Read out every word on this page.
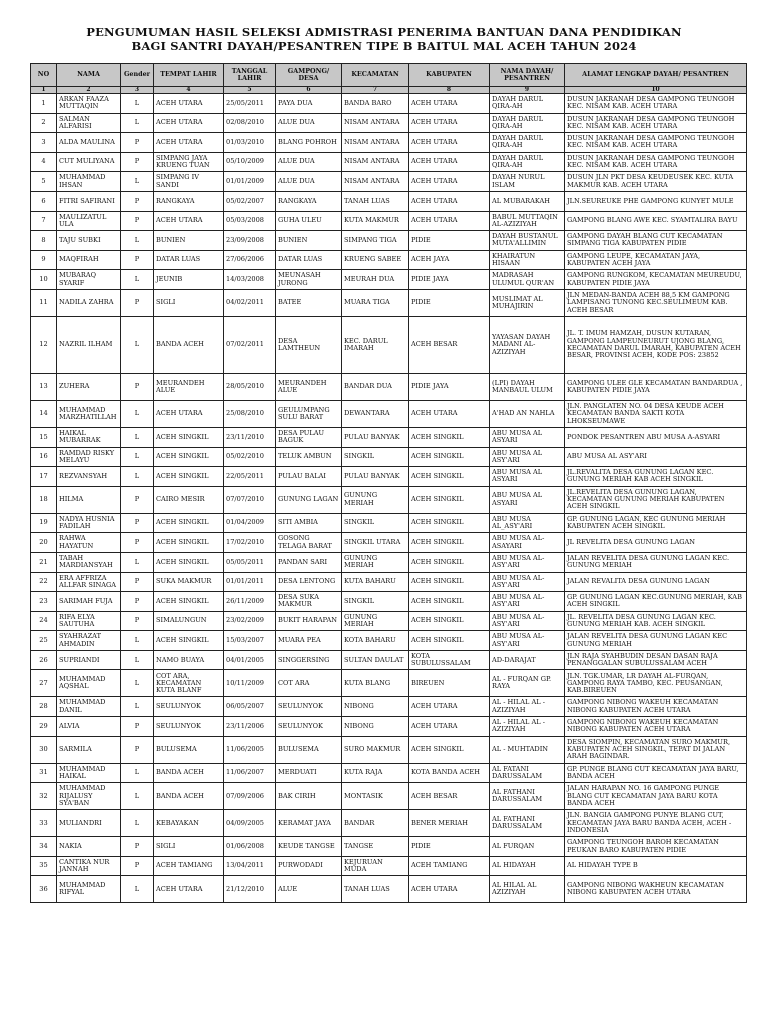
PENGUMUMAN HASIL SELEKSI ADMISTRASI PENERIMA BANTUAN DANA PENDIDIKAN
BAGI SANTRI DAYAH/PESANTREN TIPE B BAITUL MAL ACEH TAHUN 2024
NO	NAMA	Gender	TEMPAT LAHIR	TANGGAL LAHIR	GAMPONG/ DESA	KECAMATAN	KABUPATEN	NAMA DAYAH/ PESANTREN	ALAMAT LENGKAP DAYAH/ PESANTREN
1	2	3	4	5	6	7	8	9	10
1	ARKAN FAAZA MUTTAQIN	L	ACEH UTARA	25/05/2011	PAYA DUA	BANDA BARO	ACEH UTARA	DAYAH DARUL QIRA-AH	DUSUN JAKRANAH DESA GAMPONG TEUNGOH KEC. NISAM KAB. ACEH UTARA
2	SALMAN ALFARISI	L	ACEH UTARA	02/08/2010	ALUE DUA	NISAM ANTARA	ACEH UTARA	DAYAH DARUL QIRA-AH	DUSUN JAKRANAH DESA GAMPONG TEUNGOH KEC. NISAM KAB. ACEH UTARA
3	ALDA MAULINA	P	ACEH UTARA	01/03/2010	BLANG POHROH	NISAM ANTARA	ACEH UTARA	DAYAH DARUL QIRA-AH	DUSUN JAKRANAH DESA GAMPONG TEUNGOH KEC. NISAM KAB. ACEH UTARA
4	CUT MULIYANA	P	SIMPANG JAYA KRUENG TUAN	05/10/2009	ALUE DUA	NISAM ANTARA	ACEH UTARA	DAYAH DARUL QIRA-AH	DUSUN JAKRANAH DESA GAMPONG TEUNGOH KEC. NISAM KAB. ACEH UTARA
5	MUHAMMAD IHSAN	L	SIMPANG IV SANDI	01/01/2009	ALUE DUA	NISAM ANTARA	ACEH UTARA	DAYAH NURUL ISLAM	DUSUN JLN PKT DESA KEUDEUSEK KEC. KUTA MAKMUR KAB. ACEH UTARA
6	FITRI SAFIRANI	P	RANGKAYA	05/02/2007	RANGKAYA	TANAH LUAS	ACEH UTARA	AL MUBARAKAH	JLN.SEUREUKE PHE GAMPONG KUNYET MULE
7	MAULIZATUL ULA	P	ACEH UTARA	05/03/2008	GUHA ULEU	KUTA MAKMUR	ACEH UTARA	BABUL MUTTAQIN AL-AZIZIYAH	GAMPONG BLANG AWE KEC. SYAMTALIRA BAYU
8	TAJU SUBKI	L	BUNIEN	23/09/2008	BUNIEN	SIMPANG TIGA	PIDIE	DAYAH BUSTANUL MUTA'ALLIMIN	GAMPONG DAYAH BLANG CUT KECAMATAN SIMPANG TIGA KABUPATEN PIDIE
9	MAQFIRAH	P	DATAR LUAS	27/06/2006	DATAR LUAS	KRUENG SABEE	ACEH JAYA	KHAIRATUN HISAAN	GAMPONG LEUPE, KECAMATAN JAYA, KABUPATEN ACEH JAYA
10	MUBARAQ SYARIF	L	JEUNIB	14/03/2008	MEUNASAH JURONG	MEURAH DUA	PIDIE JAYA	MADRASAH ULUMUL QUR'AN	GAMPONG RUNGKOM, KECAMATAN MEUREUDU, KABUPATEN PIDIE JAYA
11	NADILA ZAHRA	P	SIGLI	04/02/2011	BATEE	MUARA TIGA	PIDIE	MUSLIMAT AL MUHAJIRIN	JLN MEDAN-BANDA ACEH 88,5 KM GAMPONG LAMPISANG TUNONG KEC.SEULIMEUM KAB. ACEH BESAR
12	NAZRIL ILHAM	L	BANDA ACEH	07/02/2011	DESA LAMTHEUN	KEC. DARUL IMARAH	ACEH BESAR	YAYASAN DAYAH MADANI AL-AZIZIYAH	JL. T. IMUM HAMZAH, DUSUN KUTARAN, GAMPONG LAMPEUNEURUT UJONG BLANG, KECAMATAN DARUL IMARAH, KABUPATEN ACEH BESAR, PROVINSI ACEH, KODE POS: 23852
13	ZUHERA	P	MEURANDEH ALUE	28/05/2010	MEURANDEH ALUE	BANDAR DUA	PIDIE JAYA	(LPI) DAYAH MANBAUL ULUM	GAMPONG ULEE GLE KECAMATAN BANDARDUA , KABUPATEN PIDIE JAYA
14	MUHAMMAD MARZHATILLAH	L	ACEH UTARA	25/08/2010	GEULUMPANG SULU BARAT	DEWANTARA	ACEH UTARA	A'HAD AN NAHLA	JLN. PANGLATEN NO. 04 DESA KEUDE ACEH KECAMATAN BANDA SAKTI KOTA LHOKSEUMAWE
15	HAIKAL MUBARRAK	L	ACEH SINGKIL	23/11/2010	DESA PULAU BAGUK	PULAU BANYAK	ACEH SINGKIL	ABU MUSA AL ASYARI	PONDOK PESANTREN ABU MUSA A-ASYARI
16	RAMDAD RISKY MELAYU	L	ACEH SINGKIL	05/02/2010	TELUK AMBUN	SINGKIL	ACEH SINGKIL	ABU MUSA AL ASY'ARI	ABU MUSA AL ASY'ARI
17	REZVANSYAH	L	ACEH SINGKIL	22/05/2011	PULAU BALAI	PULAU BANYAK	ACEH SINGKIL	ABU MUSA AL ASYARI	JL.REVALITA DESA GUNUNG LAGAN KEC. GUNUNG MERIAH KAB ACEH SINGKIL
18	HILMA	P	CAIRO MESIR	07/07/2010	GUNUNG LAGAN	GUNUNG MERIAH	ACEH SINGKIL	ABU MUSA AL ASYARI	JL.REVELITA DESA GUNUNG LAGAN, KECAMATAN GUNUNG MERIAH KABUPATEN ACEH SINGKIL
19	NADYA HUSNIA FADILAH	P	ACEH SINGKIL	01/04/2009	SITI AMBIA	SINGKIL	ACEH SINGKIL	ABU MUSA AL_ASY'ARI	GP. GUNUNG LAGAN, KEC GUNUNG MERIAH KABUPATEN ACEH SINGKIL
20	RAHWA HAYATUN	P	ACEH SINGKIL	17/02/2010	GOSONG TELAGA BARAT	SINGKIL UTARA	ACEH SINGKIL	ABU MUSA AL-ASAYARI	JL REVELITA DESA GUNUNG LAGAN
21	TABAH MARDIANSYAH	L	ACEH SINGKIL	05/05/2011	PANDAN SARI	GUNUNG MERIAH	ACEH SINGKIL	ABU MUSA AL-ASY'ARI	JALAN REVELITA DESA GUNUNG LAGAN KEC. GUNUNG MERIAH
22	ERA AFFRIZA ALLFAR SINAGA	P	SUKA MAKMUR	01/01/2011	DESA LENTONG	KUTA BAHARU	ACEH SINGKIL	ABU MUSA AL-ASY'ARI	JALAN REVALITA DESA GUNUNG LAGAN
23	SARIMAH FUJA	P	ACEH SINGKIL	26/11/2009	DESA SUKA MAKMUR	SINGKIL	ACEH SINGKIL	ABU MUSA AL-ASY'ARI	GP. GUNUNG LAGAN KEC.GUNUNG MERIAH, KAB ACEH SINGKIL
24	RIFA ELYA SAUTUHA	P	SIMALUNGUN	23/02/2009	BUKIT HARAPAN	GUNUNG MERIAH	ACEH SINGKIL	ABU MUSA AL-ASY'ARI	JL. REVELITA DESA GUNUNG LAGAN KEC. GUNUNG MERIAH KAB. ACEH SINGKIL
25	SYAHRAZAT AHMADIN	L	ACEH SINGKIL	15/03/2007	MUARA PEA	KOTA BAHARU	ACEH SINGKIL	ABU MUSA AL-ASY'ARI	JALAN REVELITA DESA GUNUNG LAGAN KEC GUNUNG MERIAH
26	SUPRIANDI	L	NAMO BUAYA	04/01/2005	SINGGERSING	SULTAN DAULAT	KOTA SUBULUSSALAM	AD-DARAJAT	JLN RAJA SYAHBUDIN DESAN DASAN RAJA PENANGGALAN SUBULUSSALAM ACEH
27	MUHAMMAD AQSHAL	L	COT ARA, KECAMATAN KUTA BLANF	10/11/2009	COT ARA	KUTA BLANG	BIREUEN	AL - FURQAN GP. RAYA	JLN. TGK.UMAR, LR DAYAH AL-FURQAN, GAMPONG RAYA TAMBO, KEC. PEUSANGAN, KAB.BIREUEN
28	MUHAMMAD DANIL	L	SEULUNYOK	06/05/2007	SEULUNYOK	NIBONG	ACEH UTARA	AL - HILAL AL - AZIZIYAH	GAMPONG NIBONG WAKEUH KECAMATAN NIBONG KABUPATEN ACEH UTARA
29	ALVIA	P	SEULUNYOK	23/11/2006	SEULUNYOK	NIBONG	ACEH UTARA	AL - HILAL AL - AZIZIYAH	GAMPONG NIBONG WAKEUH KECAMATAN NIBONG KABUPATEN ACEH UTARA
30	SARMILA	P	BULUSEMA	11/06/2005	BULUSEMA	SURO MAKMUR	ACEH SINGKIL	AL - MUHTADIN	DESA SIOMPIN, KECAMATAN SURO MAKMUR, KABUPATEN ACEH SINGKIL, TEPAT DI JALAN ARAH BAGINDAR.
31	MUHAMMAD HAIKAL	L	BANDA ACEH	11/06/2007	MERDUATI	KUTA RAJA	KOTA BANDA ACEH	AL FATANI DARUSSALAM	GP. PUNGE BLANG CUT KECAMATAN JAYA BARU, BANDA ACEH
32	MUHAMMAD RIJALUSY SYA'BAN	L	BANDA ACEH	07/09/2006	BAK CIRIH	MONTASIK	ACEH BESAR	AL FATHANI DARUSSALAM	JALAN HARAPAN NO. 16 GAMPONG PUNGE BLANG CUT KECAMATAN JAYA BARU KOTA BANDA ACEH
33	MULIANDRI	L	KEBAYAKAN	04/09/2005	KERAMAT JAYA	BANDAR	BENER MERIAH	AL FATHANI DARUSSALAM	JLN. BANGIA GAMPONG PUNYE BLANG CUT, KECAMATAN JAYA BARU BANDA ACEH, ACEH - INDONESIA
34	NAKIA	P	SIGLI	01/06/2008	KEUDE TANGSE	TANGSE	PIDIE	AL FURQAN	GAMPONG TEUNGOH BAROH KECAMATAN PEUKAN BARO KABUPATEN PIDIE
35	CANTIKA NUR JANNAH	P	ACEH TAMIANG	13/04/2011	PURWODADI	KEJURUAN MUDA	ACEH TAMIANG	AL HIDAYAH	AL HIDAYAH TYPE B
36	MUHAMMAD RIFYAL	L	ACEH UTARA	21/12/2010	ALUE	TANAH LUAS	ACEH UTARA	AL HILAL AL AZIZIYAH	GAMPONG NIBONG WAKHEUN KECAMATAN NIBONG KABUPATEN ACEH UTARA
